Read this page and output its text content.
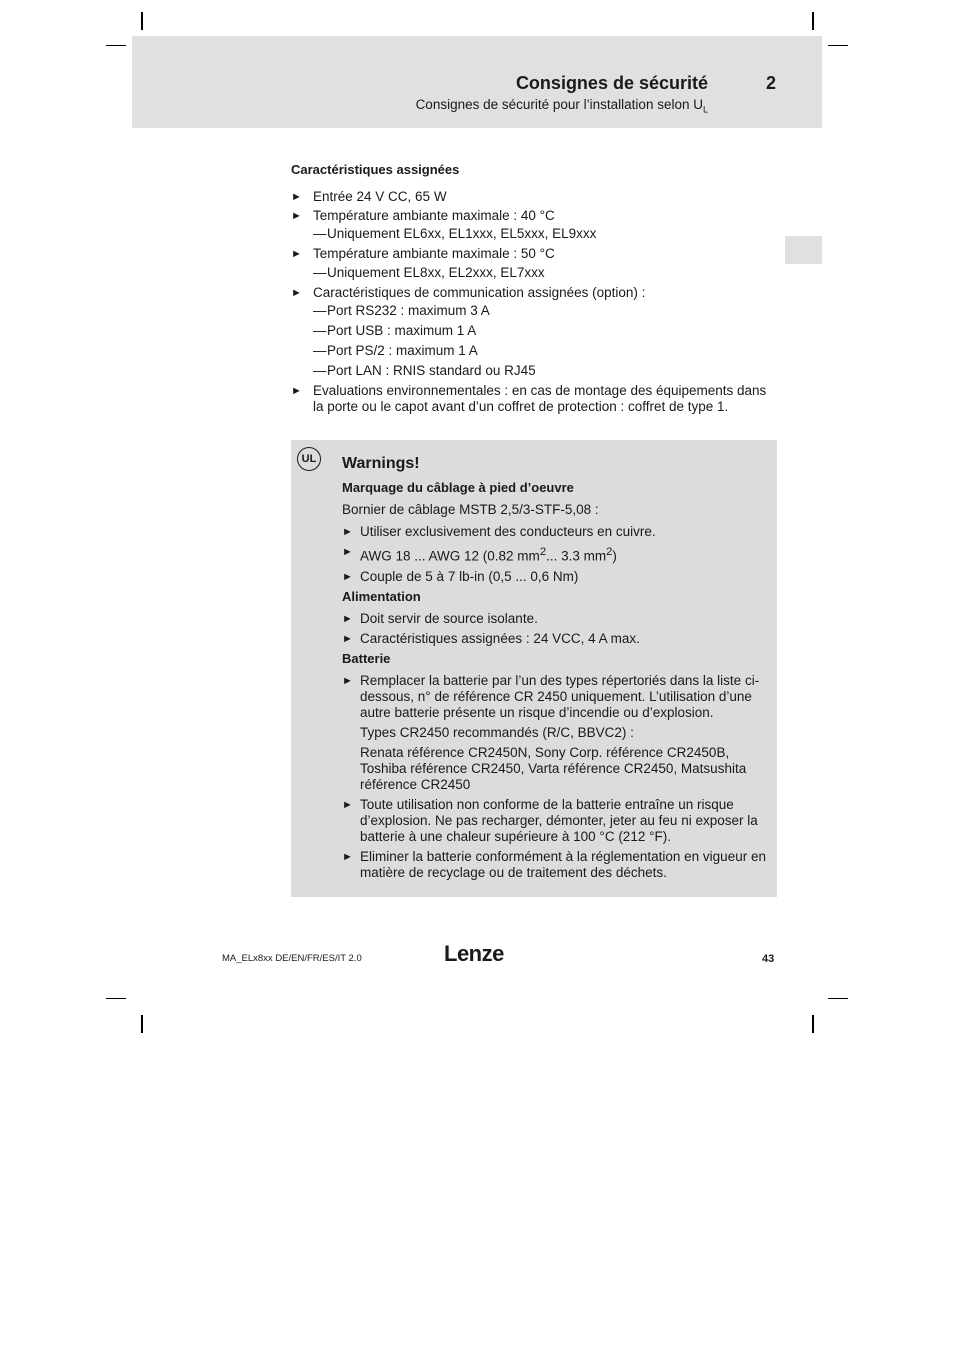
Consignes de sécurité	2
Consignes de sécurité pour l’installation selon $U_L$
Caractéristiques assignées
► Entrée 24 V CC, 65 W
► Température ambiante maximale : 40 °C
— Uniquement EL6xx, EL1xxx, EL5xxx, EL9xxx
► Température ambiante maximale : 50 °C
— Uniquement EL8xx, EL2xxx, EL7xxx
► Caractéristiques de communication assignées (option) :
— Port RS232 : maximum 3 A
— Port USB : maximum 1 A
— Port PS/2 : maximum 1 A
— Port LAN : RNIS standard ou RJ45
► Evaluations environnementales : en cas de montage des équipements dans la porte ou le capot avant d’un coffret de protection : coffret de type 1.
UL Warnings!
Marquage du câblage à pied d’oeuvre
Bornier de câblage MSTB 2,5/3-STF-5,08 :
► Utiliser exclusivement des conducteurs en cuivre.
► AWG 18 ... AWG 12 (0.82 $mm^2$... 3.3 $mm^2$)
► Couple de 5 à 7 lb-in (0,5 ... 0,6 Nm)
Alimentation
► Doit servir de source isolante.
► Caractéristiques assignées : 24 VCC, 4 A max.
Batterie
► Remplacer la batterie par l’un des types répertoriés dans la liste ci-dessous, n° de référence CR 2450 uniquement. L’utilisation d’une autre batterie présente un risque d’incendie ou d’explosion.
Types CR2450 recommandés (R/C, BBVC2) :
Renata référence CR2450N, Sony Corp. référence CR2450B, Toshiba référence CR2450, Varta référence CR2450, Matsushita référence CR2450
► Toute utilisation non conforme de la batterie entraîne un risque d’explosion. Ne pas recharger, démonter, jeter au feu ni exposer la batterie à une chaleur supérieure à 100 °C (212 °F).
► Eliminer la batterie conformément à la réglementation en vigueur en matière de recyclage ou de traitement des déchets.
MA_ELx8xx DE/EN/FR/ES/IT 2.0	Lenze	43
